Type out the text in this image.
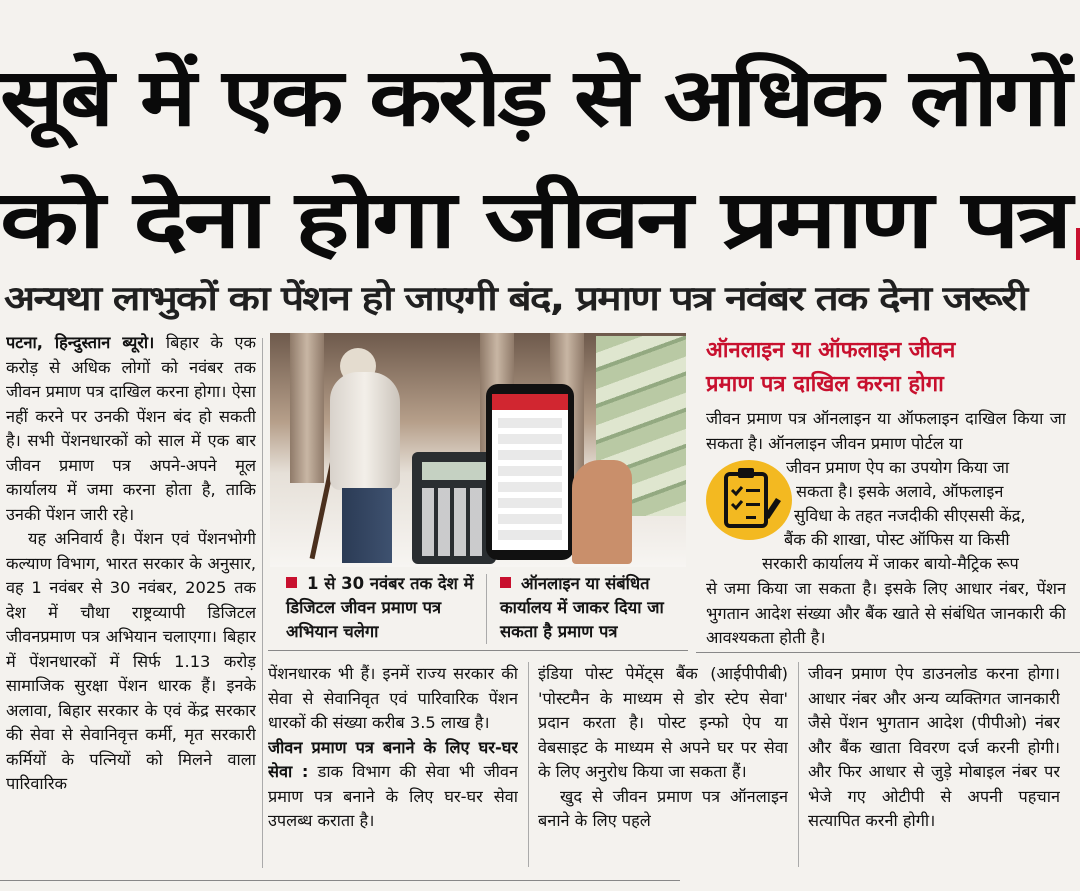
सूबे में एक करोड़ से अधिक लोगों
को देना होगा जीवन प्रमाण पत्र
अन्यथा लाभुकों का पेंशन हो जाएगी बंद, प्रमाण पत्र नवंबर तक देना जरूरी

पटना, हिन्दुस्तान ब्यूरो। बिहार के एक करोड़ से अधिक लोगों को नवंबर तक जीवन प्रमाण पत्र दाखिल करना होगा। ऐसा नहीं करने पर उनकी पेंशन बंद हो सकती है। सभी पेंशनधारकों को साल में एक बार जीवन प्रमाण पत्र अपने-अपने मूल कार्यालय में जमा करना होता है, ताकि उनकी पेंशन जारी रहे।

यह अनिवार्य है। पेंशन एवं पेंशनभोगी कल्याण विभाग, भारत सरकार के अनुसार, वह 1 नवंबर से 30 नवंबर, 2025 तक देश में चौथा राष्ट्रव्यापी डिजिटल जीवनप्रमाण पत्र अभियान चलाएगा। बिहार में पेंशनधारकों में सिर्फ 1.13 करोड़ सामाजिक सुरक्षा पेंशन धारक हैं। इनके अलावा, बिहार सरकार के एवं केंद्र सरकार की सेवा से सेवानिवृत्त कर्मी, मृत सरकारी कर्मियों के पत्नियों को मिलने वाला पारिवारिक

1 से 30 नवंबर तक देश में डिजिटल जीवन प्रमाण पत्र अभियान चलेगा
ऑनलाइन या संबंधित कार्यालय में जाकर दिया जा सकता है प्रमाण पत्र
ऑनलाइन या ऑफलाइन जीवन
प्रमाण पत्र दाखिल करना होगा
जीवन प्रमाण पत्र ऑनलाइन या ऑफलाइन दाखिल किया जा सकता है। ऑनलाइन जीवन प्रमाण पोर्टल या
जीवन प्रमाण ऐप का उपयोग किया जा
सकता है। इसके अलावे, ऑफलाइन
सुविधा के तहत नजदीकी सीएससी केंद्र,
बैंक की शाखा, पोस्ट ऑफिस या किसी
सरकारी कार्यालय में जाकर बायो-मैट्रिक रूप
से जमा किया जा सकता है। इसके लिए आधार नंबर, पेंशन भुगतान आदेश संख्या और बैंक खाते से संबंधित जानकारी की आवश्यकता होती है।

पेंशनधारक भी हैं। इनमें राज्य सरकार की सेवा से सेवानिवृत एवं पारिवारिक पेंशन धारकों की संख्या करीब 3.5 लाख है।

जीवन प्रमाण पत्र बनाने के लिए घर-घर सेवा : डाक विभाग की सेवा भी जीवन प्रमाण पत्र बनाने के लिए घर-घर सेवा उपलब्ध कराता है।

इंडिया पोस्ट पेमेंट्स बैंक (आईपीपीबी) 'पोस्टमैन के माध्यम से डोर स्टेप सेवा' प्रदान करता है। पोस्ट इन्फो ऐप या वेबसाइट के माध्यम से अपने घर पर सेवा के लिए अनुरोध किया जा सकता हैं।

खुद से जीवन प्रमाण पत्र ऑनलाइन बनाने के लिए पहले

जीवन प्रमाण ऐप डाउनलोड करना होगा। आधार नंबर और अन्य व्यक्तिगत जानकारी जैसे पेंशन भुगतान आदेश (पीपीओ) नंबर और बैंक खाता विवरण दर्ज करनी होगी। और फिर आधार से जुड़े मोबाइल नंबर पर भेजे गए ओटीपी से अपनी पहचान सत्यापित करनी होगी।
